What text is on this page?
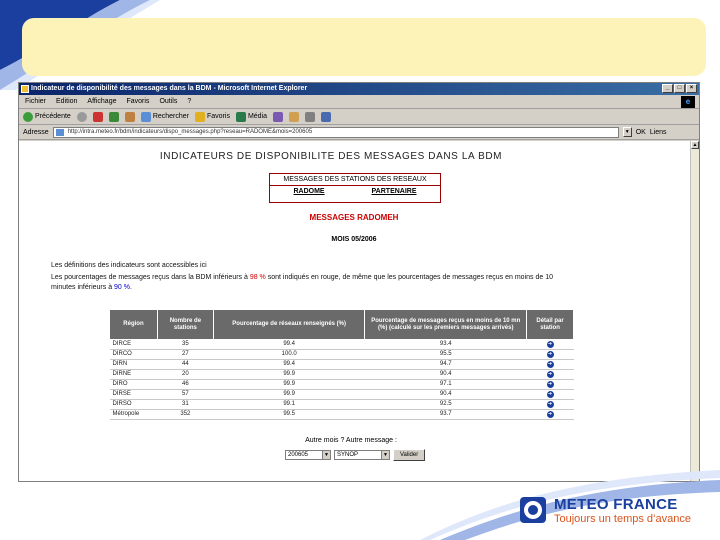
Indicateur de disponibilité des messages dans la BDM - Microsoft Internet Explorer	_	□	×
Fichier Edition Affichage Favoris Outils ?	e
Précédente	Rechercher	Favoris	Média
Adresse	http://intra.meteo.fr/bdm/indicateurs/dispo_messages.php?reseau=RADOME&mois=200605	▼ OK Liens
INDICATEURS DE DISPONIBILITE DES MESSAGES DANS LA BDM
MESSAGES DES STATIONS DES RESEAUX
RADOME	PARTENAIRE
MESSAGES RADOMEH
MOIS 05/2006
Les définitions des indicateurs sont accessibles ici
Les pourcentages de messages reçus dans la BDM inférieurs à 98 % sont indiqués en rouge, de même que les pourcentages de messages reçus en moins de 10
minutes inférieurs à 90 %.
Région	Nombre de stations	Pourcentage de réseaux renseignés (%)	Pourcentage de messages reçus en moins de 10 mn (%) (calculé sur les premiers messages arrivés)	Détail par station
DIRCE	35	99.4	93.4	➜
DIRCO	27	100.0	95.5	➜
DIRN	44	99.4	94.7	➜
DIRNE	20	99.9	90.4	➜
DIRO	46	99.9	97.1	➜
DIRSE	57	99.9	90.4	➜
DIRSO	31	99.1	92.5	➜
Métropole	352	99.5	93.7	➜
Autre mois ? Autre message :
200605	▼ SYNOP	▼	Valider
▲
METEO FRANCE
Toujours un temps d’avance
